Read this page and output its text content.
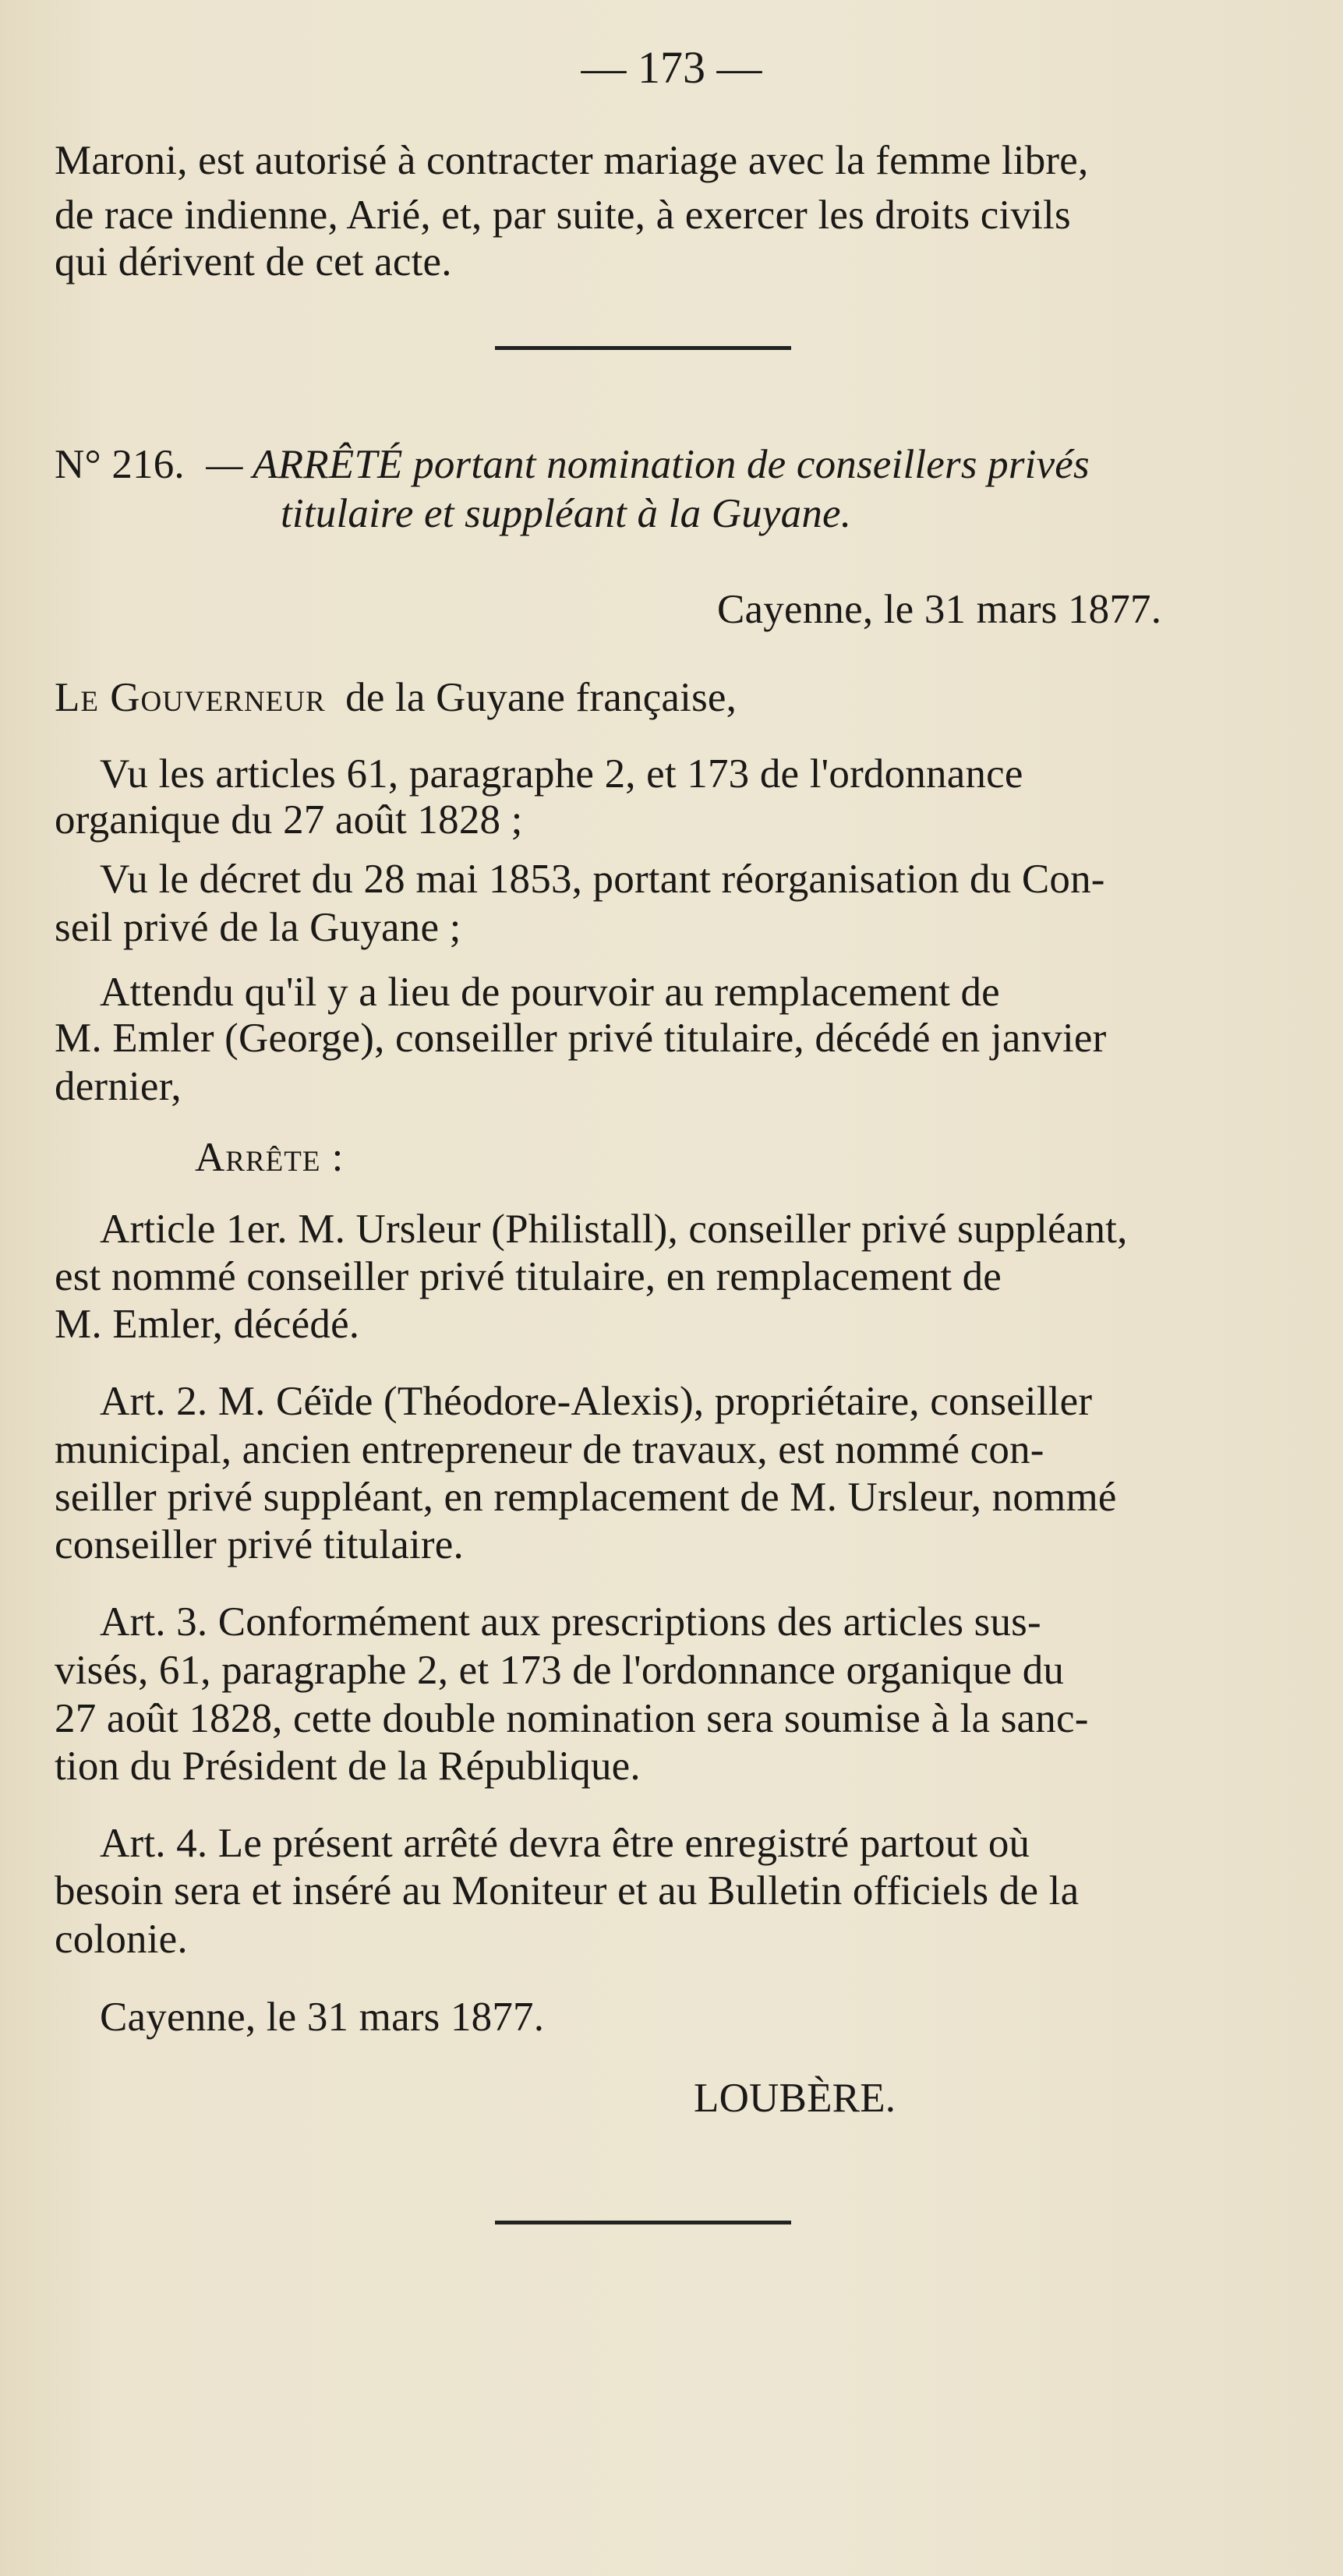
— 173 —
Maroni, est autorisé à contracter mariage avec la femme libre,
de race indienne, Arié, et, par suite, à exercer les droits civils
qui dérivent de cet acte.
N° 216. — ARRÊTÉ portant nomination de conseillers privés
titulaire et suppléant à la Guyane.
Cayenne, le 31 mars 1877.
Le Gouverneur de la Guyane française,
Vu les articles 61, paragraphe 2, et 173 de l'ordonnance
organique du 27 août 1828 ;
Vu le décret du 28 mai 1853, portant réorganisation du Con-
seil privé de la Guyane ;
Attendu qu'il y a lieu de pourvoir au remplacement de
M. Emler (George), conseiller privé titulaire, décédé en janvier
dernier,
Arrête :
Article 1er. M. Ursleur (Philistall), conseiller privé suppléant,
est nommé conseiller privé titulaire, en remplacement de
M. Emler, décédé.
Art. 2. M. Céïde (Théodore-Alexis), propriétaire, conseiller
municipal, ancien entrepreneur de travaux, est nommé con-
seiller privé suppléant, en remplacement de M. Ursleur, nommé
conseiller privé titulaire.
Art. 3. Conformément aux prescriptions des articles sus-
visés, 61, paragraphe 2, et 173 de l'ordonnance organique du
27 août 1828, cette double nomination sera soumise à la sanc-
tion du Président de la République.
Art. 4. Le présent arrêté devra être enregistré partout où
besoin sera et inséré au Moniteur et au Bulletin officiels de la
colonie.
Cayenne, le 31 mars 1877.
LOUBÈRE.
